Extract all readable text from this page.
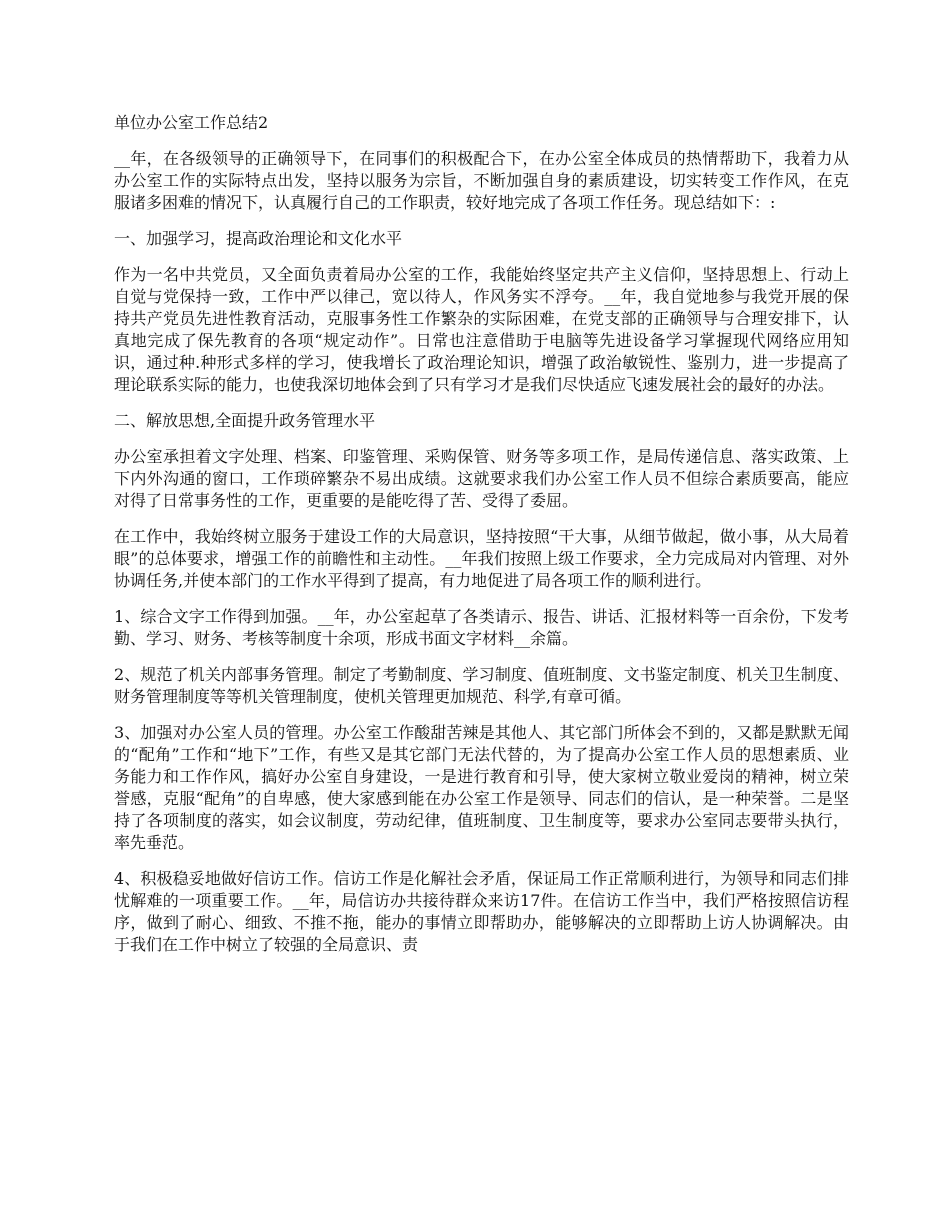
单位办公室工作总结2

__年，在各级领导的正确领导下，在同事们的积极配合下，在办公室全体成员的热情帮助下，我着力从办公室工作的实际特点出发，坚持以服务为宗旨，不断加强自身的素质建设，切实转变工作作风，在克服诸多困难的情况下，认真履行自己的工作职责，较好地完成了各项工作任务。现总结如下：:

一、加强学习，提高政治理论和文化水平

作为一名中共党员，又全面负责着局办公室的工作，我能始终坚定共产主义信仰，坚持思想上、行动上自觉与党保持一致，工作中严以律己，宽以待人，作风务实不浮夸。__年，我自觉地参与我党开展的保持共产党员先进性教育活动，克服事务性工作繁杂的实际困难，在党支部的正确领导与合理安排下，认真地完成了保先教育的各项“规定动作”。日常也注意借助于电脑等先进设备学习掌握现代网络应用知识，通过种.种形式多样的学习，使我增长了政治理论知识，增强了政治敏锐性、鉴别力，进一步提高了理论联系实际的能力，也使我深切地体会到了只有学习才是我们尽快适应飞速发展社会的最好的办法。

二、解放思想,全面提升政务管理水平

办公室承担着文字处理、档案、印鉴管理、采购保管、财务等多项工作，是局传递信息、落实政策、上下内外沟通的窗口，工作琐碎繁杂不易出成绩。这就要求我们办公室工作人员不但综合素质要高，能应对得了日常事务性的工作，更重要的是能吃得了苦、受得了委屈。

在工作中，我始终树立服务于建设工作的大局意识，坚持按照“干大事，从细节做起，做小事，从大局着眼”的总体要求，增强工作的前瞻性和主动性。__年我们按照上级工作要求，全力完成局对内管理、对外协调任务,并使本部门的工作水平得到了提高，有力地促进了局各项工作的顺利进行。

1、综合文字工作得到加强。__年，办公室起草了各类请示、报告、讲话、汇报材料等一百余份，下发考勤、学习、财务、考核等制度十余项，形成书面文字材料__余篇。

2、规范了机关内部事务管理。制定了考勤制度、学习制度、值班制度、文书鉴定制度、机关卫生制度、财务管理制度等等机关管理制度，使机关管理更加规范、科学,有章可循。

3、加强对办公室人员的管理。办公室工作酸甜苦辣是其他人、其它部门所体会不到的，又都是默默无闻的“配角”工作和“地下”工作，有些又是其它部门无法代替的，为了提高办公室工作人员的思想素质、业务能力和工作作风，搞好办公室自身建设，一是进行教育和引导，使大家树立敬业爱岗的精神，树立荣誉感，克服“配角”的自卑感，使大家感到能在办公室工作是领导、同志们的信认，是一种荣誉。二是坚持了各项制度的落实，如会议制度，劳动纪律，值班制度、卫生制度等，要求办公室同志要带头执行，率先垂范。

4、积极稳妥地做好信访工作。信访工作是化解社会矛盾，保证局工作正常顺利进行，为领导和同志们排忧解难的一项重要工作。__年，局信访办共接待群众来访17件。在信访工作当中，我们严格按照信访程序，做到了耐心、细致、不推不拖，能办的事情立即帮助办，能够解决的立即帮助上访人协调解决。由于我们在工作中树立了较强的全局意识、责
